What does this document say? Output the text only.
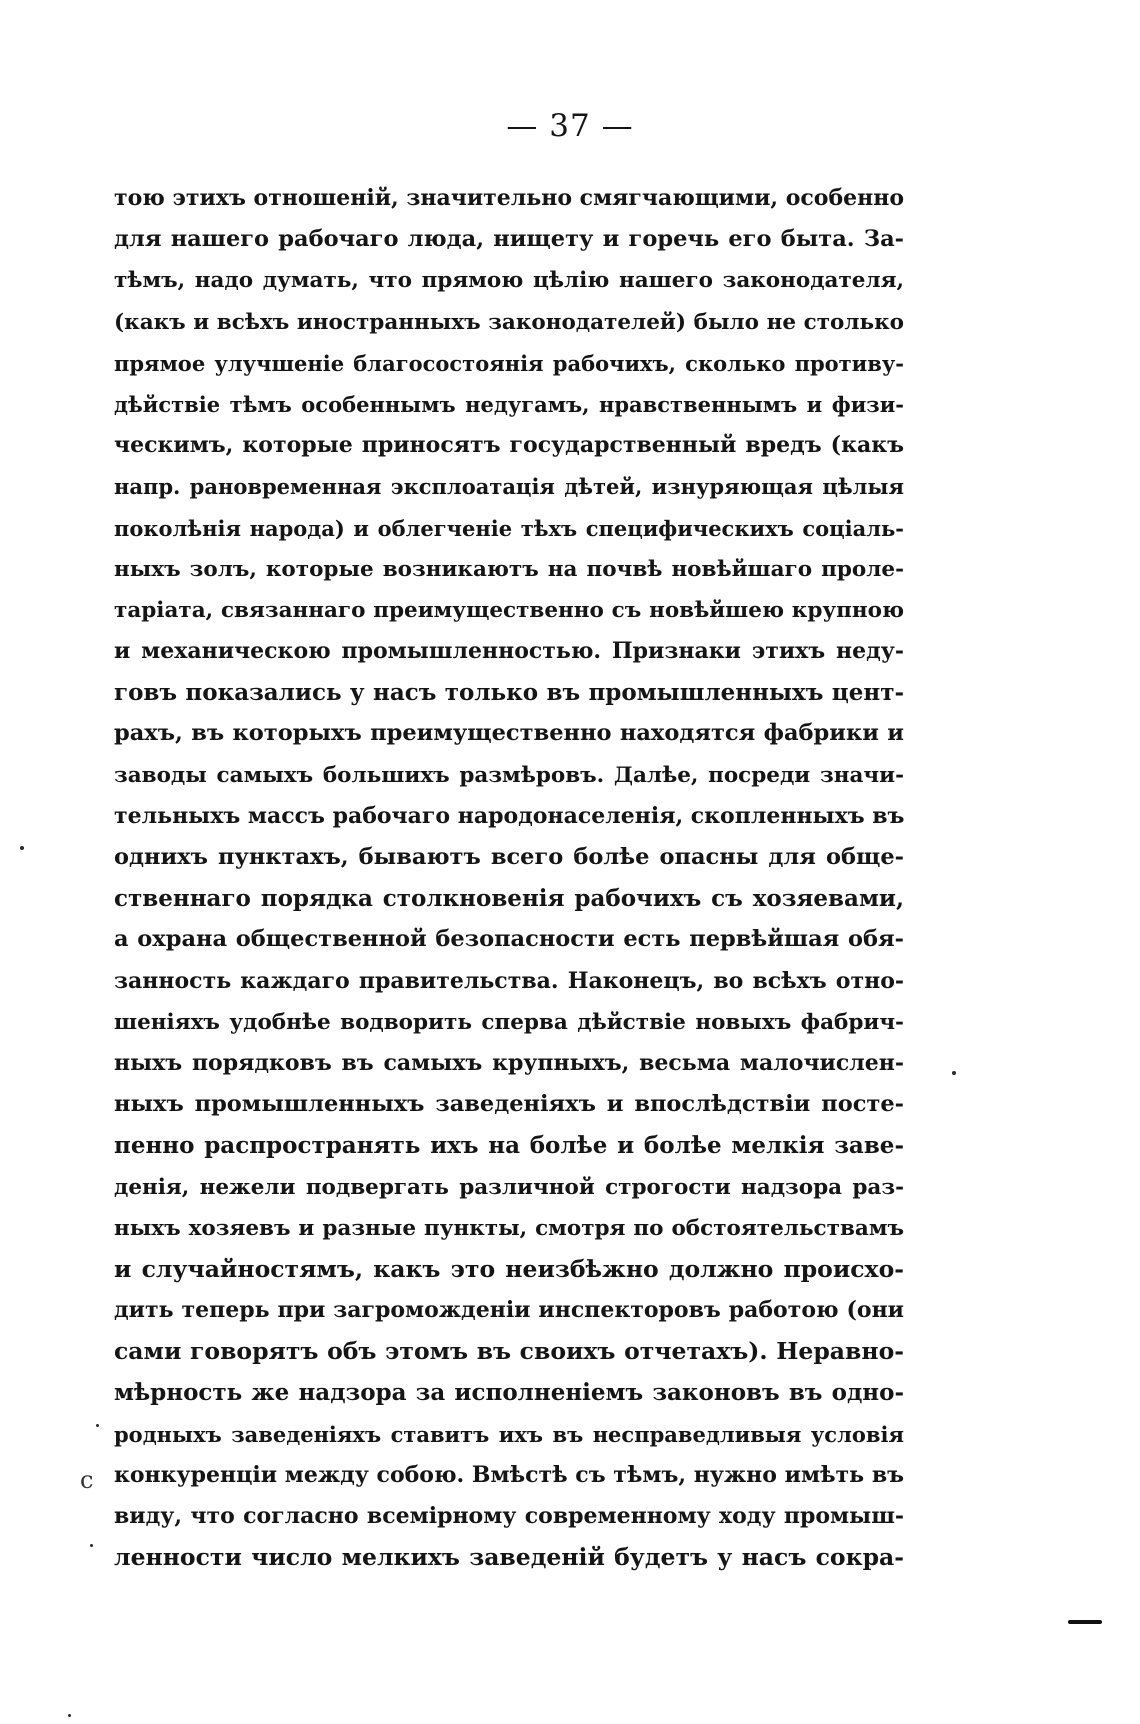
— 37 —
тою этихъ отношеній, значительно смягчающими, особенно
для нашего рабочаго люда, нищету и горечь его быта. За-
тѣмъ, надо думать, что прямою цѣлію нашего законодателя,
(какъ и всѣхъ иностранныхъ законодателей) было не столько
прямое улучшеніе благосостоянія рабочихъ, сколько противу-
дѣйствіе тѣмъ особеннымъ недугамъ, нравственнымъ и физи-
ческимъ, которые приносятъ государственный вредъ (какъ
напр. рановременная эксплоатація дѣтей, изнуряющая цѣлыя
поколѣнія народа) и облегченіе тѣхъ специфическихъ соціаль-
ныхъ золъ, которые возникаютъ на почвѣ новѣйшаго проле-
таріата, связаннаго преимущественно съ новѣйшею крупною
и механическою промышленностью. Признаки этихъ неду-
говъ показались у насъ только въ промышленныхъ цент-
рахъ, въ которыхъ преимущественно находятся фабрики и
заводы самыхъ большихъ размѣровъ. Далѣе, посреди значи-
тельныхъ массъ рабочаго народонаселенія, скопленныхъ въ
однихъ пунктахъ, бываютъ всего болѣе опасны для обще-
ственнаго порядка столкновенія рабочихъ съ хозяевами,
а охрана общественной безопасности есть первѣйшая обя-
занность каждаго правительства. Наконецъ, во всѣхъ отно-
шеніяхъ удобнѣе водворить сперва дѣйствіе новыхъ фабрич-
ныхъ порядковъ въ самыхъ крупныхъ, весьма малочислен-
ныхъ промышленныхъ заведеніяхъ и впослѣдствіи посте-
пенно распространять ихъ на болѣе и болѣе мелкія заве-
денія, нежели подвергать различной строгости надзора раз-
ныхъ хозяевъ и разные пункты, смотря по обстоятельствамъ
и случайностямъ, какъ это неизбѣжно должно происхо-
дить теперь при загроможденіи инспекторовъ работою (они
сами говорятъ объ этомъ въ своихъ отчетахъ). Неравно-
мѣрность же надзора за исполненіемъ законовъ въ одно-
родныхъ заведеніяхъ ставитъ ихъ въ несправедливыя условія
конкуренціи между собою. Вмѣстѣ съ тѣмъ, нужно имѣть въ
виду, что согласно всемірному современному ходу промыш-
ленности число мелкихъ заведеній будетъ у насъ сокра-
ϲ
